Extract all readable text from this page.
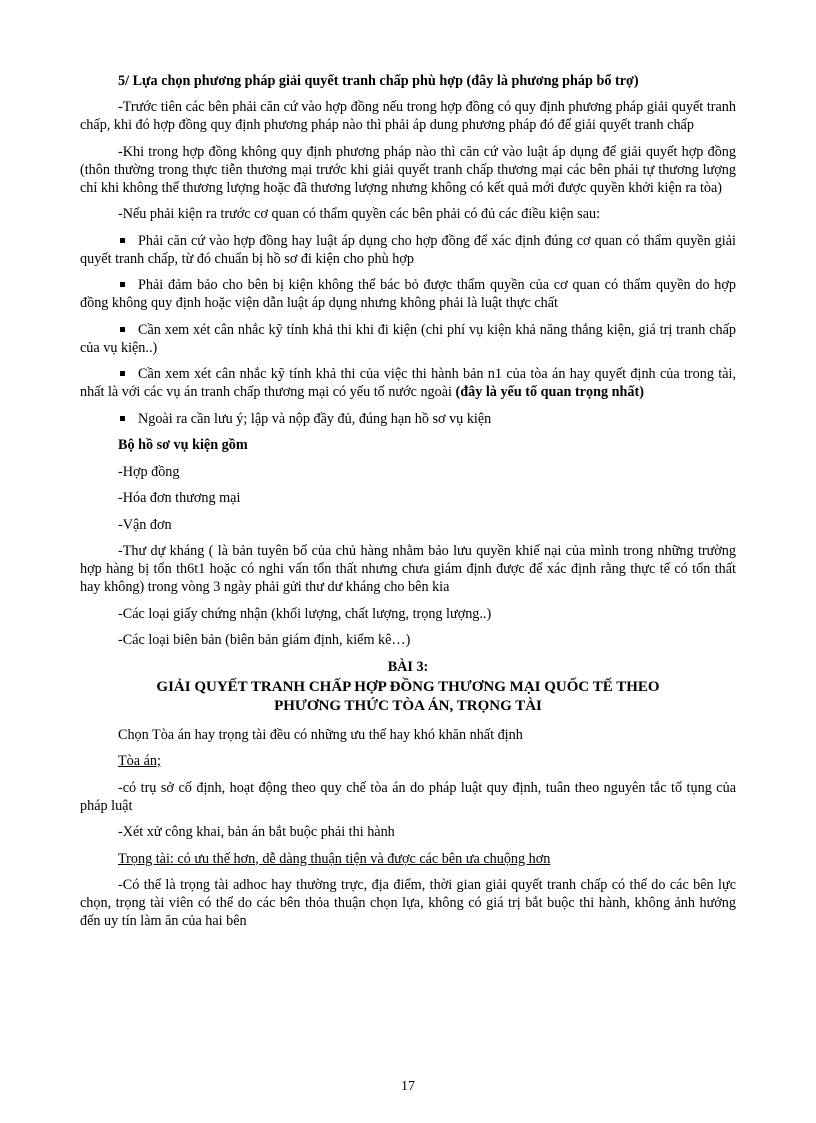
5/ Lựa chọn phương pháp giải quyết tranh chấp phù hợp (đây là phương pháp bổ trợ)

-Trước tiên các bên phải căn cứ vào hợp đồng nếu trong hợp đồng có quy định phương pháp giải quyết tranh chấp, khi đó hợp đồng quy định phương pháp nào thì phải áp dung phương pháp đó để giải quyết tranh chấp

-Khi trong hợp đồng không quy định phương pháp nào thì căn cứ vào luật áp dụng để giải quyết hợp đồng (thôn thường trong thực tiễn thương mại trước khi giải quyết tranh chấp thương mại các bên phải tự thương lượng chỉ khi không thể thương lượng hoặc đã thương lượng nhưng không có kết quả mới được quyền khởi kiện ra tòa)

-Nếu phải kiện ra trước cơ quan có thẩm quyền các bên phải có đủ các điều kiện sau:

Phải căn cứ vào hợp đồng hay luật áp dụng cho hợp đồng để xác định đúng cơ quan có thẩm quyền giải quyết tranh chấp, từ đó chuẩn bị hồ sơ đi kiện cho phù hợp

Phải đảm bảo cho bên bị kiện không thể bác bỏ được thẩm quyền của cơ quan có thẩm quyền do hợp đồng không quy định hoặc viện dẫn luật áp dụng nhưng không phải là luật thực chất

Cần xem xét cân nhắc kỹ tính khả thi khi đi kiện (chi phí vụ kiện khả năng thắng kiện, giá trị tranh chấp của vụ kiện..)

Cần xem xét cân nhắc kỹ tính khả thi của việc thi hành bản n1 của tòa án hay quyết định của trong tài, nhất là với các vụ án tranh chấp thương mại có yếu tố nước ngoài (đây là yếu tố quan trọng nhất)

Ngoài ra cần lưu ý; lập và nộp đầy đủ, đúng hạn hồ sơ vụ kiện

Bộ hồ sơ vụ kiện gồm

-Hợp đồng

-Hóa đơn thương mại

-Vận đơn

-Thư dự kháng ( là bản tuyên bố của chủ hàng nhằm bảo lưu quyền khiế nại của mình trong những trường hợp hàng bị tổn th6t1 hoặc có nghi vấn tổn thất nhưng chưa giám định được để xác định rằng thực tế có tổn thất hay không) trong vòng 3 ngày phải gửi thư dư kháng cho bên kia

-Các loại giấy chứng nhận (khối lượng, chất lượng, trọng lượng..)

-Các loại biên bản (biên bản giám định, kiểm kê…)

BÀI 3:

GIẢI QUYẾT TRANH CHẤP HỢP ĐỒNG THƯƠNG MẠI QUỐC TẾ THEO
PHƯƠNG THỨC TÒA ÁN, TRỌNG TÀI

Chọn Tòa án hay trọng tài đều có những ưu thế hay khó khăn nhất định

Tòa án;

-có trụ sở cố định, hoạt động theo quy chế tòa án do pháp luật quy định, tuân theo nguyên tắc tố tụng của pháp luật

-Xét xử công khai, bản án bắt buộc phải thi hành

Trọng tài: có ưu thế hơn, dễ dàng thuận tiện và được các bên ưa chuộng hơn

-Có thể là trọng tài adhoc hay thường trực, địa điểm, thời gian giải quyết tranh chấp có thể do các bên lực chọn, trọng tài viên có thể do các bên thỏa thuận chọn lựa, không có giá trị bắt buộc thi hành, không ảnh hưởng đến uy tín làm ăn của hai bên

17
